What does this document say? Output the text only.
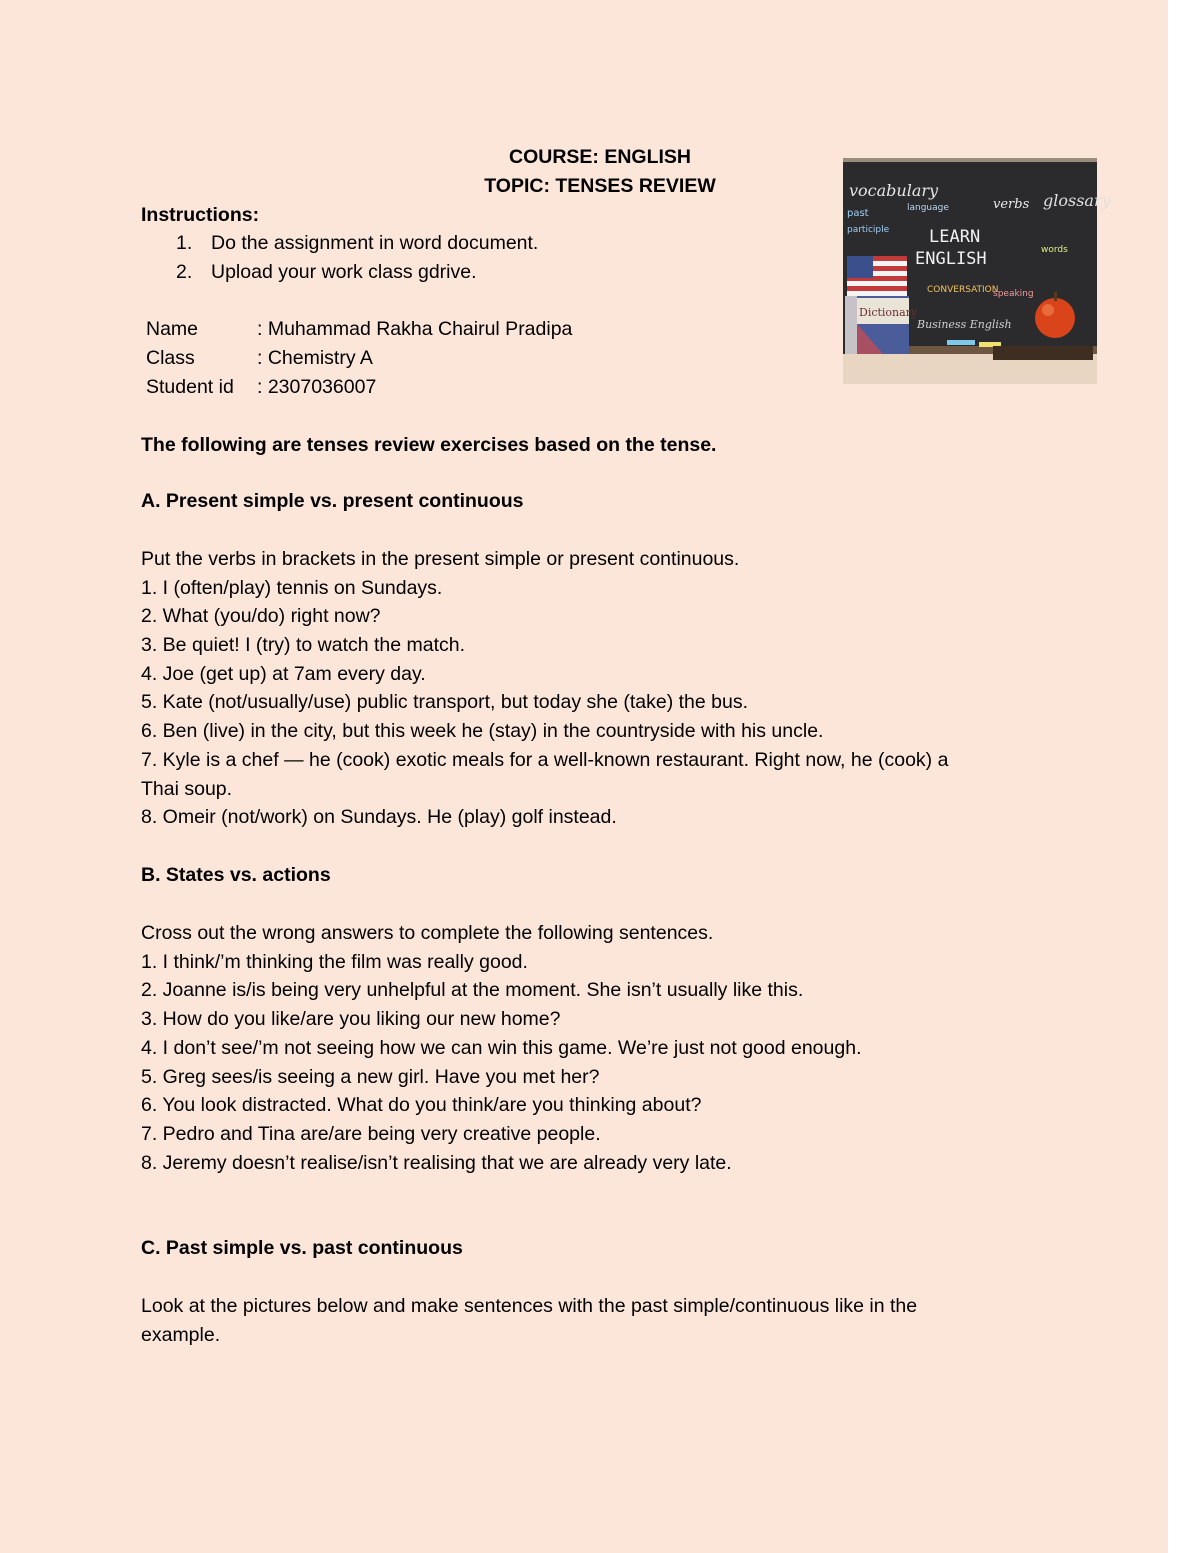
COURSE: ENGLISH
TOPIC: TENSES REVIEW
Instructions:
1. Do the assignment in word document.
2. Upload your work class gdrive.
Name	: Muhammad Rakha Chairul Pradipa
Class	: Chemistry A
Student id : 2307036007
The following are tenses review exercises based on the tense.
A. Present simple vs. present continuous
Put the verbs in brackets in the present simple or present continuous.
1. I (often/play) tennis on Sundays.
2. What (you/do) right now?
3. Be quiet! I (try) to watch the match.
4. Joe (get up) at 7am every day.
5. Kate (not/usually/use) public transport, but today she (take) the bus.
6. Ben (live) in the city, but this week he (stay) in the countryside with his uncle.
7. Kyle is a chef — he (cook) exotic meals for a well-known restaurant. Right now, he (cook) a
Thai soup.
8. Omeir (not/work) on Sundays. He (play) golf instead.
B. States vs. actions
Cross out the wrong answers to complete the following sentences.
1. I think/’m thinking the film was really good.
2. Joanne is/is being very unhelpful at the moment. She isn’t usually like this.
3. How do you like/are you liking our new home?
4. I don’t see/’m not seeing how we can win this game. We’re just not good enough.
5. Greg sees/is seeing a new girl. Have you met her?
6. You look distracted. What do you think/are you thinking about?
7. Pedro and Tina are/are being very creative people.
8. Jeremy doesn’t realise/isn’t realising that we are already very late.
C. Past simple vs. past continuous
Look at the pictures below and make sentences with the past simple/continuous like in the
example.
vocabulary
language	verbs glossary
past
participle LEARN
ENGLISH	words
CONVERSATION
speaking
Dictionary
Business English
